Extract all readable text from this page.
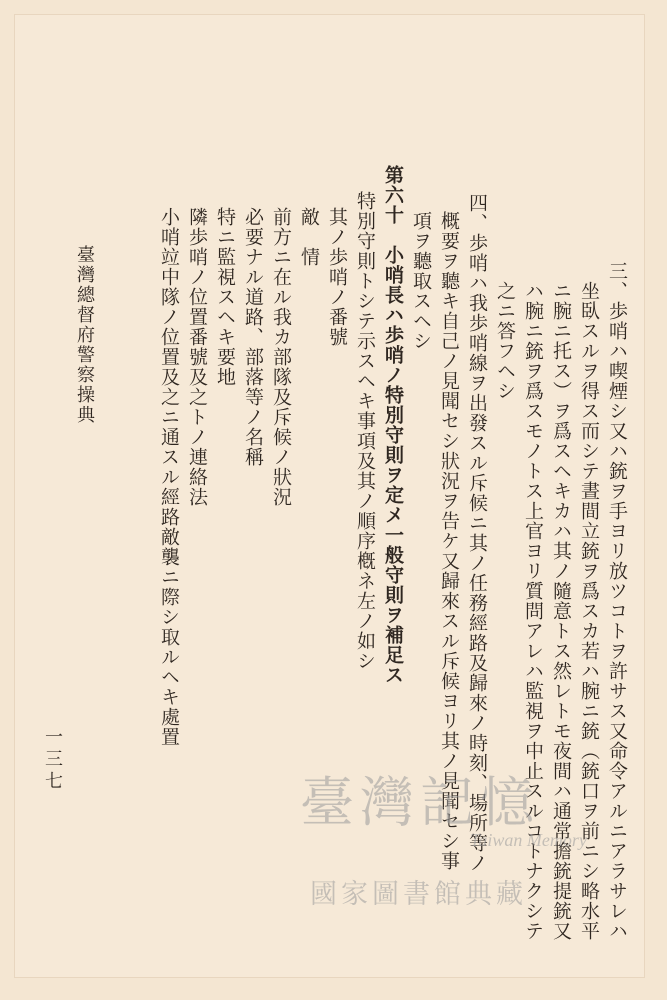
三、歩哨ハ喫煙シ又ハ銃ヲ手ヨリ放ツコトヲ許サス又命令アルニアラサレハ
坐臥スルヲ得ス而シテ晝間立銃ヲ爲スカ若ハ腕ニ銃（銃口ヲ前ニシ略水平
ニ腕ニ托ス）ヲ爲スヘキカハ其ノ隨意トス然レトモ夜間ハ通常擔銃提銃又
ハ腕ニ銃ヲ爲スモノトス上官ヨリ質問アレハ監視ヲ中止スルコトナクシテ
之ニ答フヘシ
四、歩哨ハ我歩哨線ヲ出發スル斥候ニ其ノ任務經路及歸來ノ時刻、場所等ノ
概要ヲ聽キ自己ノ見聞セシ狀況ヲ告ケ又歸來スル斥候ヨリ其ノ見聞セシ事
項ヲ聽取スヘシ
第六十　小哨長ハ歩哨ノ特別守則ヲ定メ一般守則ヲ補足ス
特別守則トシテ示スヘキ事項及其ノ順序槪ネ左ノ如シ
其ノ歩哨ノ番號
敵　情
前方ニ在ル我カ部隊及斥候ノ狀況
必要ナル道路、部落等ノ名稱
特ニ監視スヘキ要地
隣歩哨ノ位置番號及之トノ連絡法
小哨竝中隊ノ位置及之ニ通スル經路敵襲ニ際シ取ルヘキ處置
臺灣總督府警察操典
一三七
臺灣記憶
Taiwan Memory
國家圖書館典藏
